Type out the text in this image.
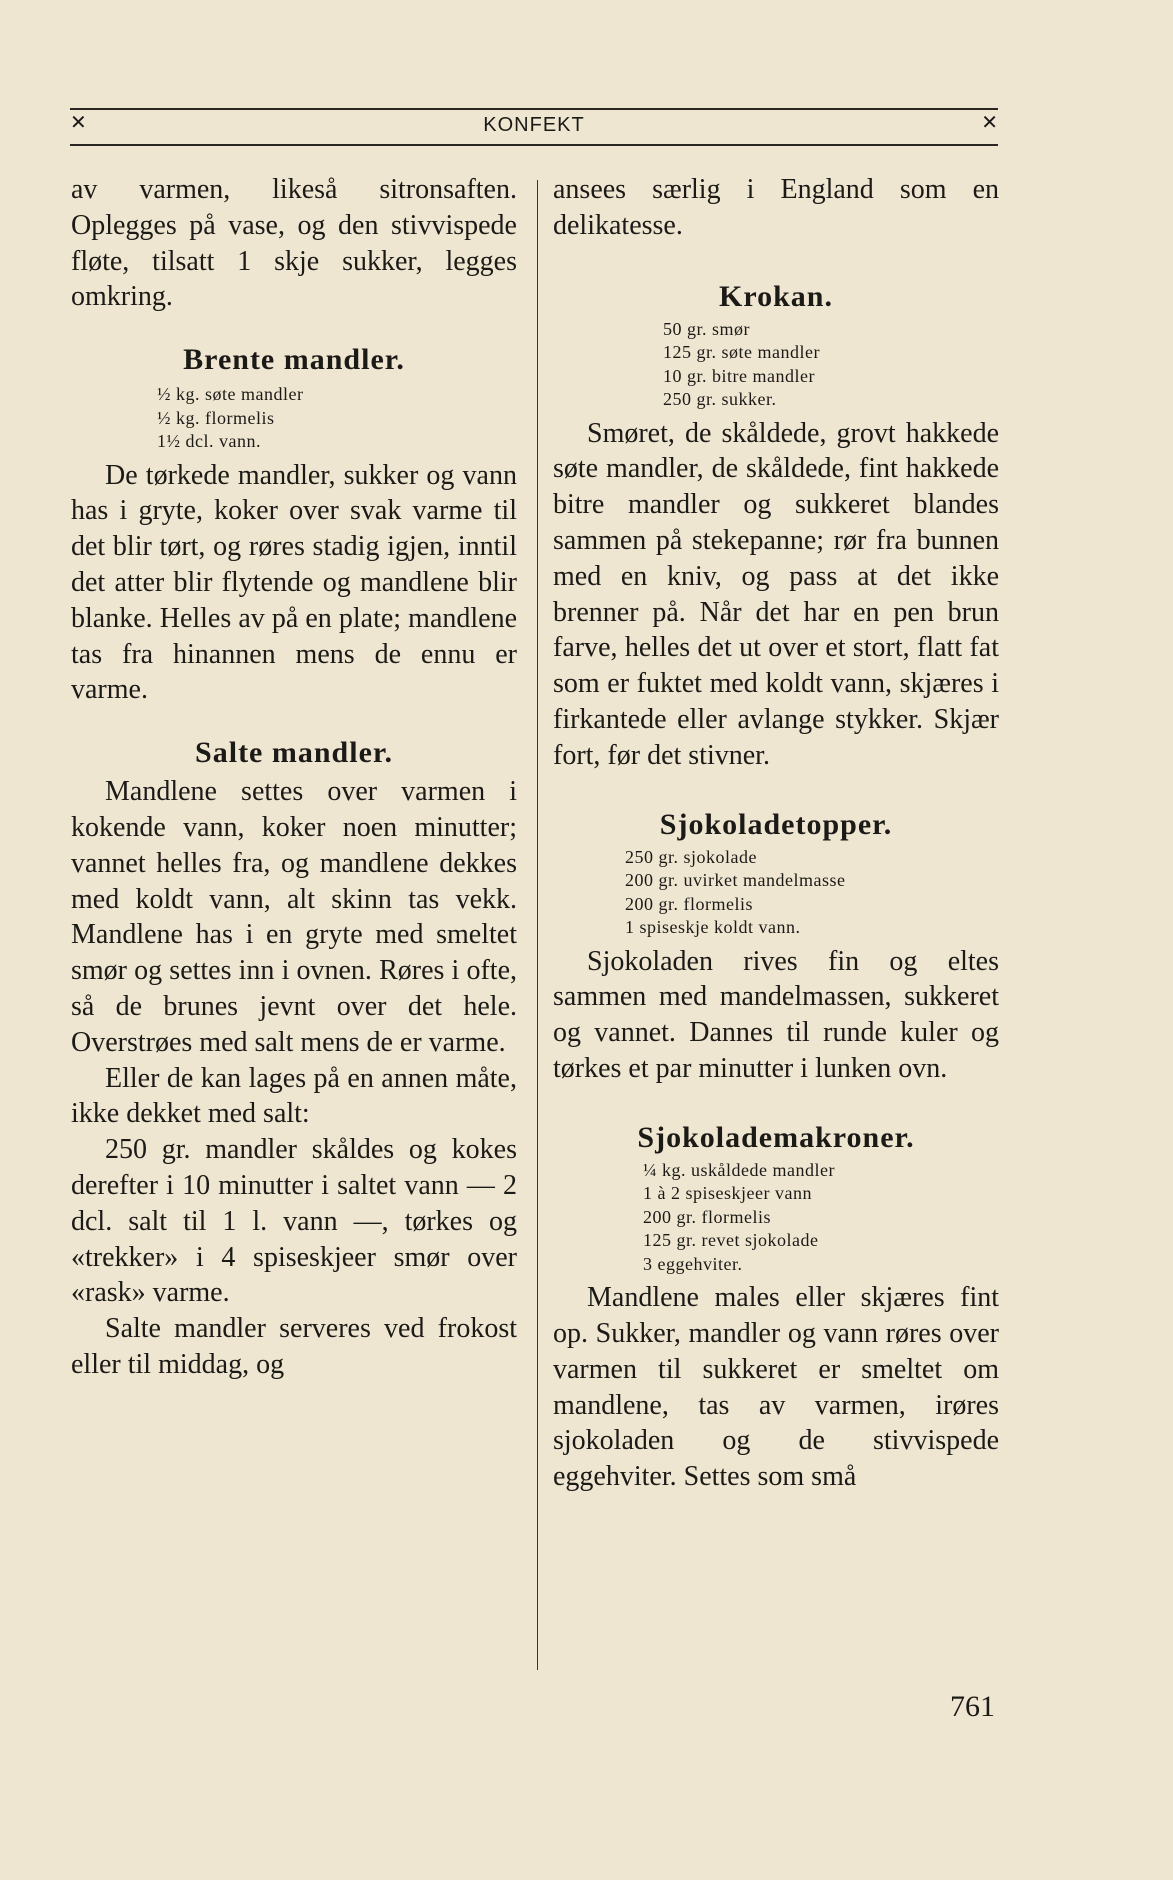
✕	KONFEKT	✕

av varmen, likeså sitronsaften. Oplegges på vase, og den stivvispede fløte, tilsatt 1 skje sukker, legges omkring.

Brente mandler.
½ kg. søte mandler
½ kg. flormelis
1½ dcl. vann.

De tørkede mandler, sukker og vann has i gryte, koker over svak varme til det blir tørt, og røres stadig igjen, inntil det atter blir flytende og mandlene blir blanke. Helles av på en plate; mandlene tas fra hinannen mens de ennu er varme.

Salte mandler.

Mandlene settes over varmen i kokende vann, koker noen minutter; vannet helles fra, og mandlene dekkes med koldt vann, alt skinn tas vekk. Mandlene has i en gryte med smeltet smør og settes inn i ovnen. Røres i ofte, så de brunes jevnt over det hele. Overstrøes med salt mens de er varme.

Eller de kan lages på en annen måte, ikke dekket med salt:

250 gr. mandler skåldes og kokes derefter i 10 minutter i saltet vann — 2 dcl. salt til 1 l. vann —, tørkes og «trekker» i 4 spiseskjeer smør over «rask» varme.

Salte mandler serveres ved frokost eller til middag, og

ansees særlig i England som en delikatesse.

Krokan.
50 gr. smør
125 gr. søte mandler
10 gr. bitre mandler
250 gr. sukker.

Smøret, de skåldede, grovt hakkede søte mandler, de skåldede, fint hakkede bitre mandler og sukkeret blandes sammen på stekepanne; rør fra bunnen med en kniv, og pass at det ikke brenner på. Når det har en pen brun farve, helles det ut over et stort, flatt fat som er fuktet med koldt vann, skjæres i firkantede eller avlange stykker. Skjær fort, før det stivner.

Sjokoladetopper.
250 gr. sjokolade
200 gr. uvirket mandelmasse
200 gr. flormelis
1 spiseskje koldt vann.

Sjokoladen rives fin og eltes sammen med mandelmassen, sukkeret og vannet. Dannes til runde kuler og tørkes et par minutter i lunken ovn.

Sjokolademakroner.
¼ kg. uskåldede mandler
1 à 2 spiseskjeer vann
200 gr. flormelis
125 gr. revet sjokolade
3 eggehviter.

Mandlene males eller skjæres fint op. Sukker, mandler og vann røres over varmen til sukkeret er smeltet om mandlene, tas av varmen, irøres sjokoladen og de stivvispede eggehviter. Settes som små

761
